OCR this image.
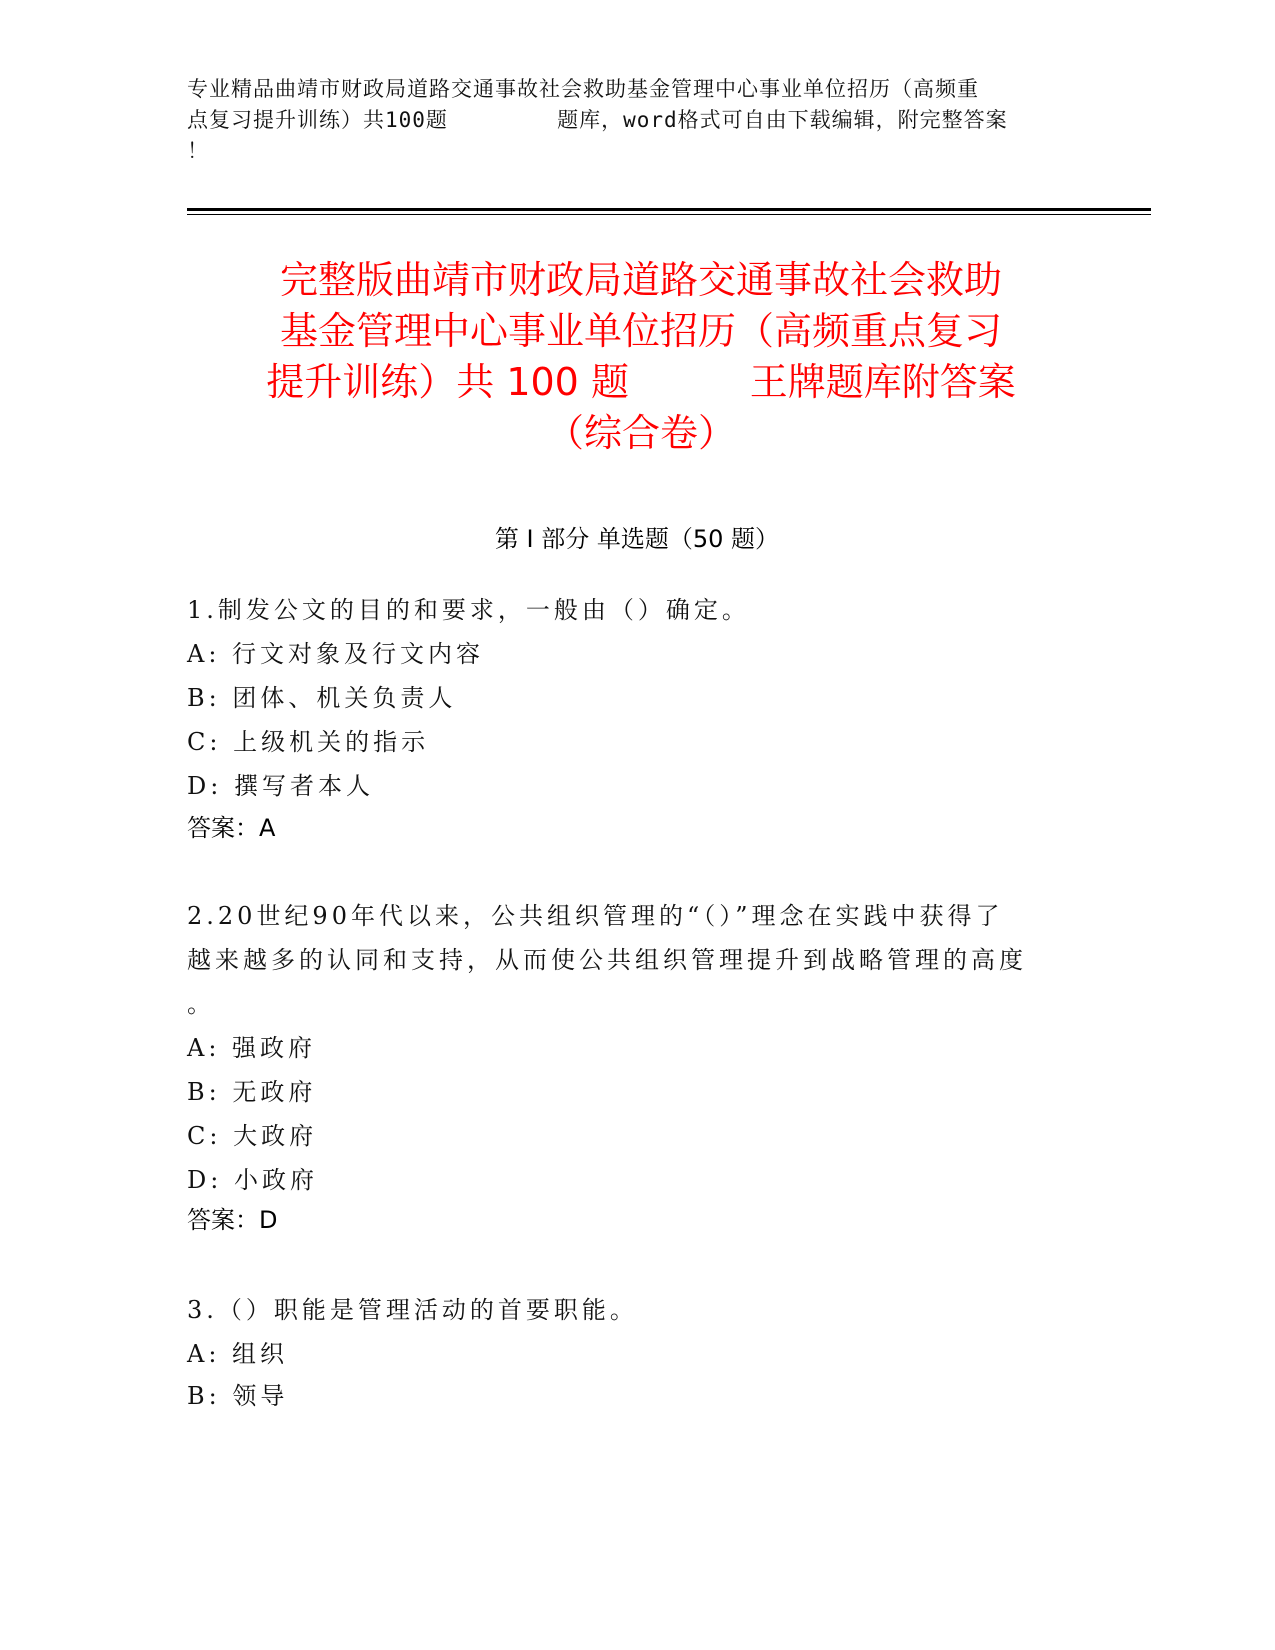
专业精品曲靖市财政局道路交通事故社会救助基金管理中心事业单位招历（高频重
点复习提升训练）共100题        题库，word格式可自由下载编辑，附完整答案
！
完整版曲靖市财政局道路交通事故社会救助
基金管理中心事业单位招历（高频重点复习
提升训练）共 100 题          王牌题库附答案
（综合卷）
第 I 部分 单选题（50 题）
1.制发公文的目的和要求，一般由（）确定。
A: 行文对象及行文内容
B: 团体、机关负责人
C: 上级机关的指示
D: 撰写者本人
答案：A
2.20世纪90年代以来，公共组织管理的“（）”理念在实践中获得了
越来越多的认同和支持，从而使公共组织管理提升到战略管理的高度
。
A: 强政府
B: 无政府
C: 大政府
D: 小政府
答案：D
3.（）职能是管理活动的首要职能。
A: 组织
B: 领导
